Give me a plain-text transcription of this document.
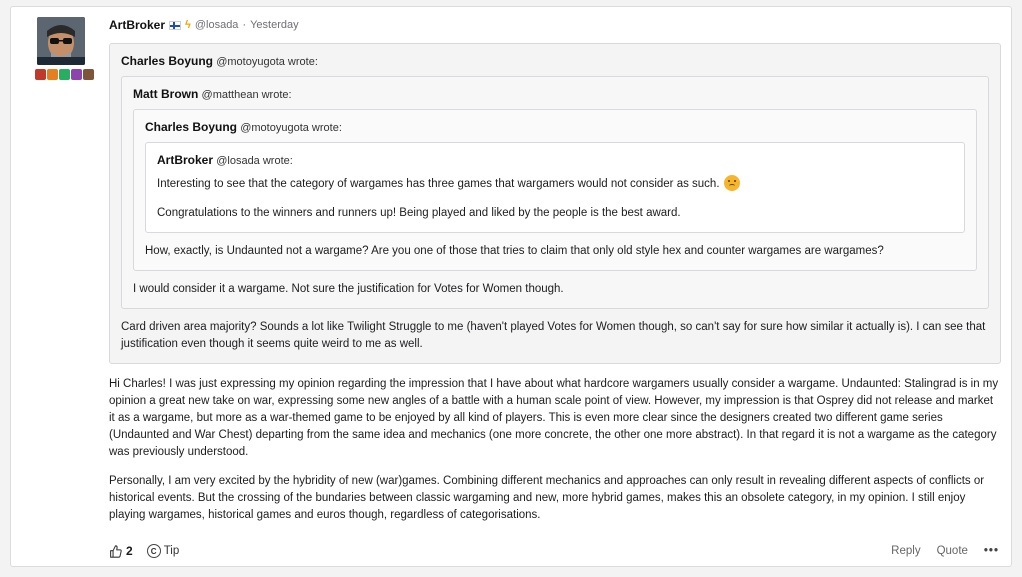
ArtBroker ϟ @losada · Yesterday
Charles Boyung @motoyugota wrote:
Matt Brown @matthean wrote:
Charles Boyung @motoyugota wrote:
ArtBroker @losada wrote:

Interesting to see that the category of wargames has three games that wargamers would not consider as such.

Congratulations to the winners and runners up! Being played and liked by the people is the best award.

How, exactly, is Undaunted not a wargame? Are you one of those that tries to claim that only old style hex and counter wargames are wargames?

I would consider it a wargame. Not sure the justification for Votes for Women though.

Card driven area majority? Sounds a lot like Twilight Struggle to me (haven't played Votes for Women though, so can't say for sure how similar it actually is). I can see that justification even though it seems quite weird to me as well.

Hi Charles! I was just expressing my opinion regarding the impression that I have about what hardcore wargamers usually consider a wargame. Undaunted: Stalingrad is in my opinion a great new take on war, expressing some new angles of a battle with a human scale point of view. However, my impression is that Osprey did not release and market it as a wargame, but more as a war-themed game to be enjoyed by all kind of players. This is even more clear since the designers created two different game series (Undaunted and War Chest) departing from the same idea and mechanics (one more concrete, the other one more abstract). In that regard it is not a wargame as the category was previously understood.

Personally, I am very excited by the hybridity of new (war)games. Combining different mechanics and approaches can only result in revealing different aspects of conflicts or historical events. But the crossing of the bundaries between classic wargaming and new, more hybrid games, makes this an obsolete category, in my opinion. I still enjoy playing wargames, historical games and euros though, regardless of categorisations.

2	C Tip	Reply Quote •••
